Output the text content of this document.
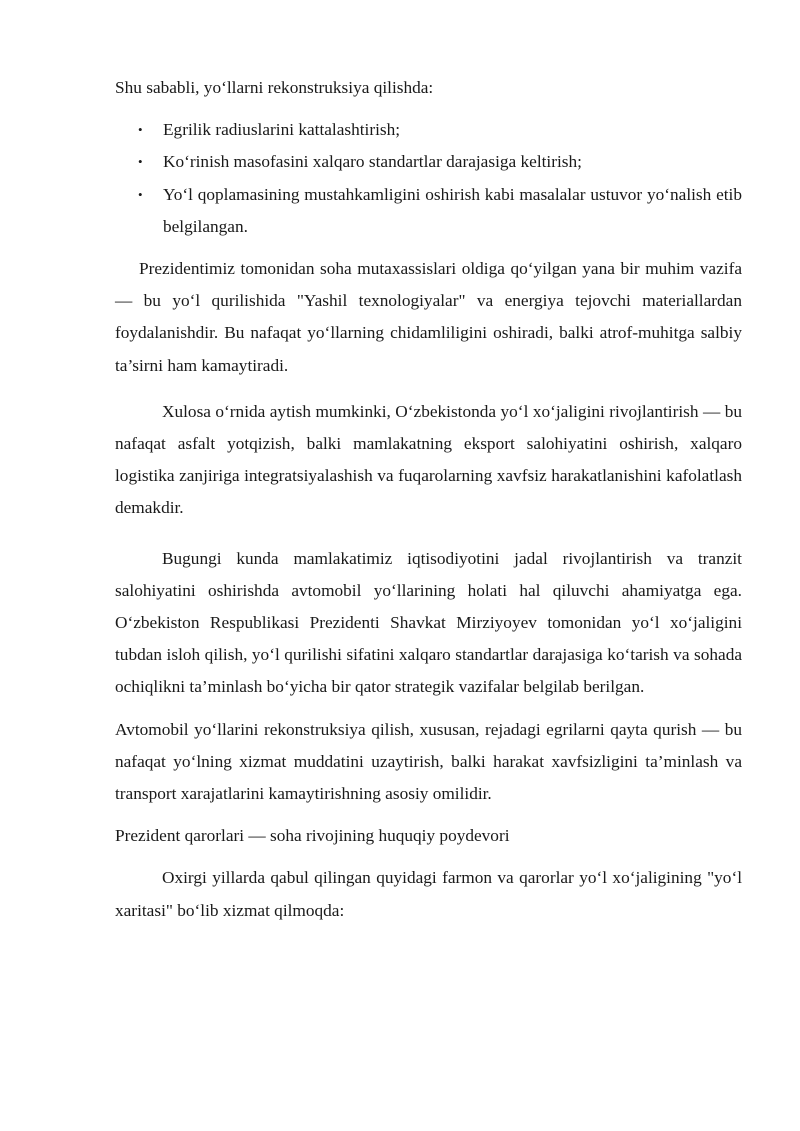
Shu sababli, yo‘llarni rekonstruksiya qilishda:

• Egrilik radiuslarini kattalashtirish;
• Ko‘rinish masofasini xalqaro standartlar darajasiga keltirish;
• Yo‘l qoplamasining mustahkamligini oshirish kabi masalalar ustuvor yo‘nalish etib belgilangan.

Prezidentimiz tomonidan soha mutaxassislari oldiga qo‘yilgan yana bir muhim vazifa — bu yo‘l qurilishida "Yashil texnologiyalar" va energiya tejovchi materiallardan foydalanishdir. Bu nafaqat yo‘llarning chidamliligini oshiradi, balki atrof-muhitga salbiy ta’sirni ham kamaytiradi.

Xulosa o‘rnida aytish mumkinki, O‘zbekistonda yo‘l xo‘jaligini rivojlantirish — bu nafaqat asfalt yotqizish, balki mamlakatning eksport salohiyatini oshirish, xalqaro logistika zanjiriga integratsiyalashish va fuqarolarning xavfsiz harakatlanishini kafolatlash demakdir.

Bugungi kunda mamlakatimiz iqtisodiyotini jadal rivojlantirish va tranzit salohiyatini oshirishda avtomobil yo‘llarining holati hal qiluvchi ahamiyatga ega. O‘zbekiston Respublikasi Prezidenti Shavkat Mirziyoyev tomonidan yo‘l xo‘jaligini tubdan isloh qilish, yo‘l qurilishi sifatini xalqaro standartlar darajasiga ko‘tarish va sohada ochiqlikni ta’minlash bo‘yicha bir qator strategik vazifalar belgilab berilgan.

Avtomobil yo‘llarini rekonstruksiya qilish, xususan, rejadagi egrilarni qayta qurish — bu nafaqat yo‘lning xizmat muddatini uzaytirish, balki harakat xavfsizligini ta’minlash va transport xarajatlarini kamaytirishning asosiy omilidir.

Prezident qarorlari — soha rivojining huquqiy poydevori

Oxirgi yillarda qabul qilingan quyidagi farmon va qarorlar yo‘l xo‘jaligining "yo‘l xaritasi" bo‘lib xizmat qilmoqda:
